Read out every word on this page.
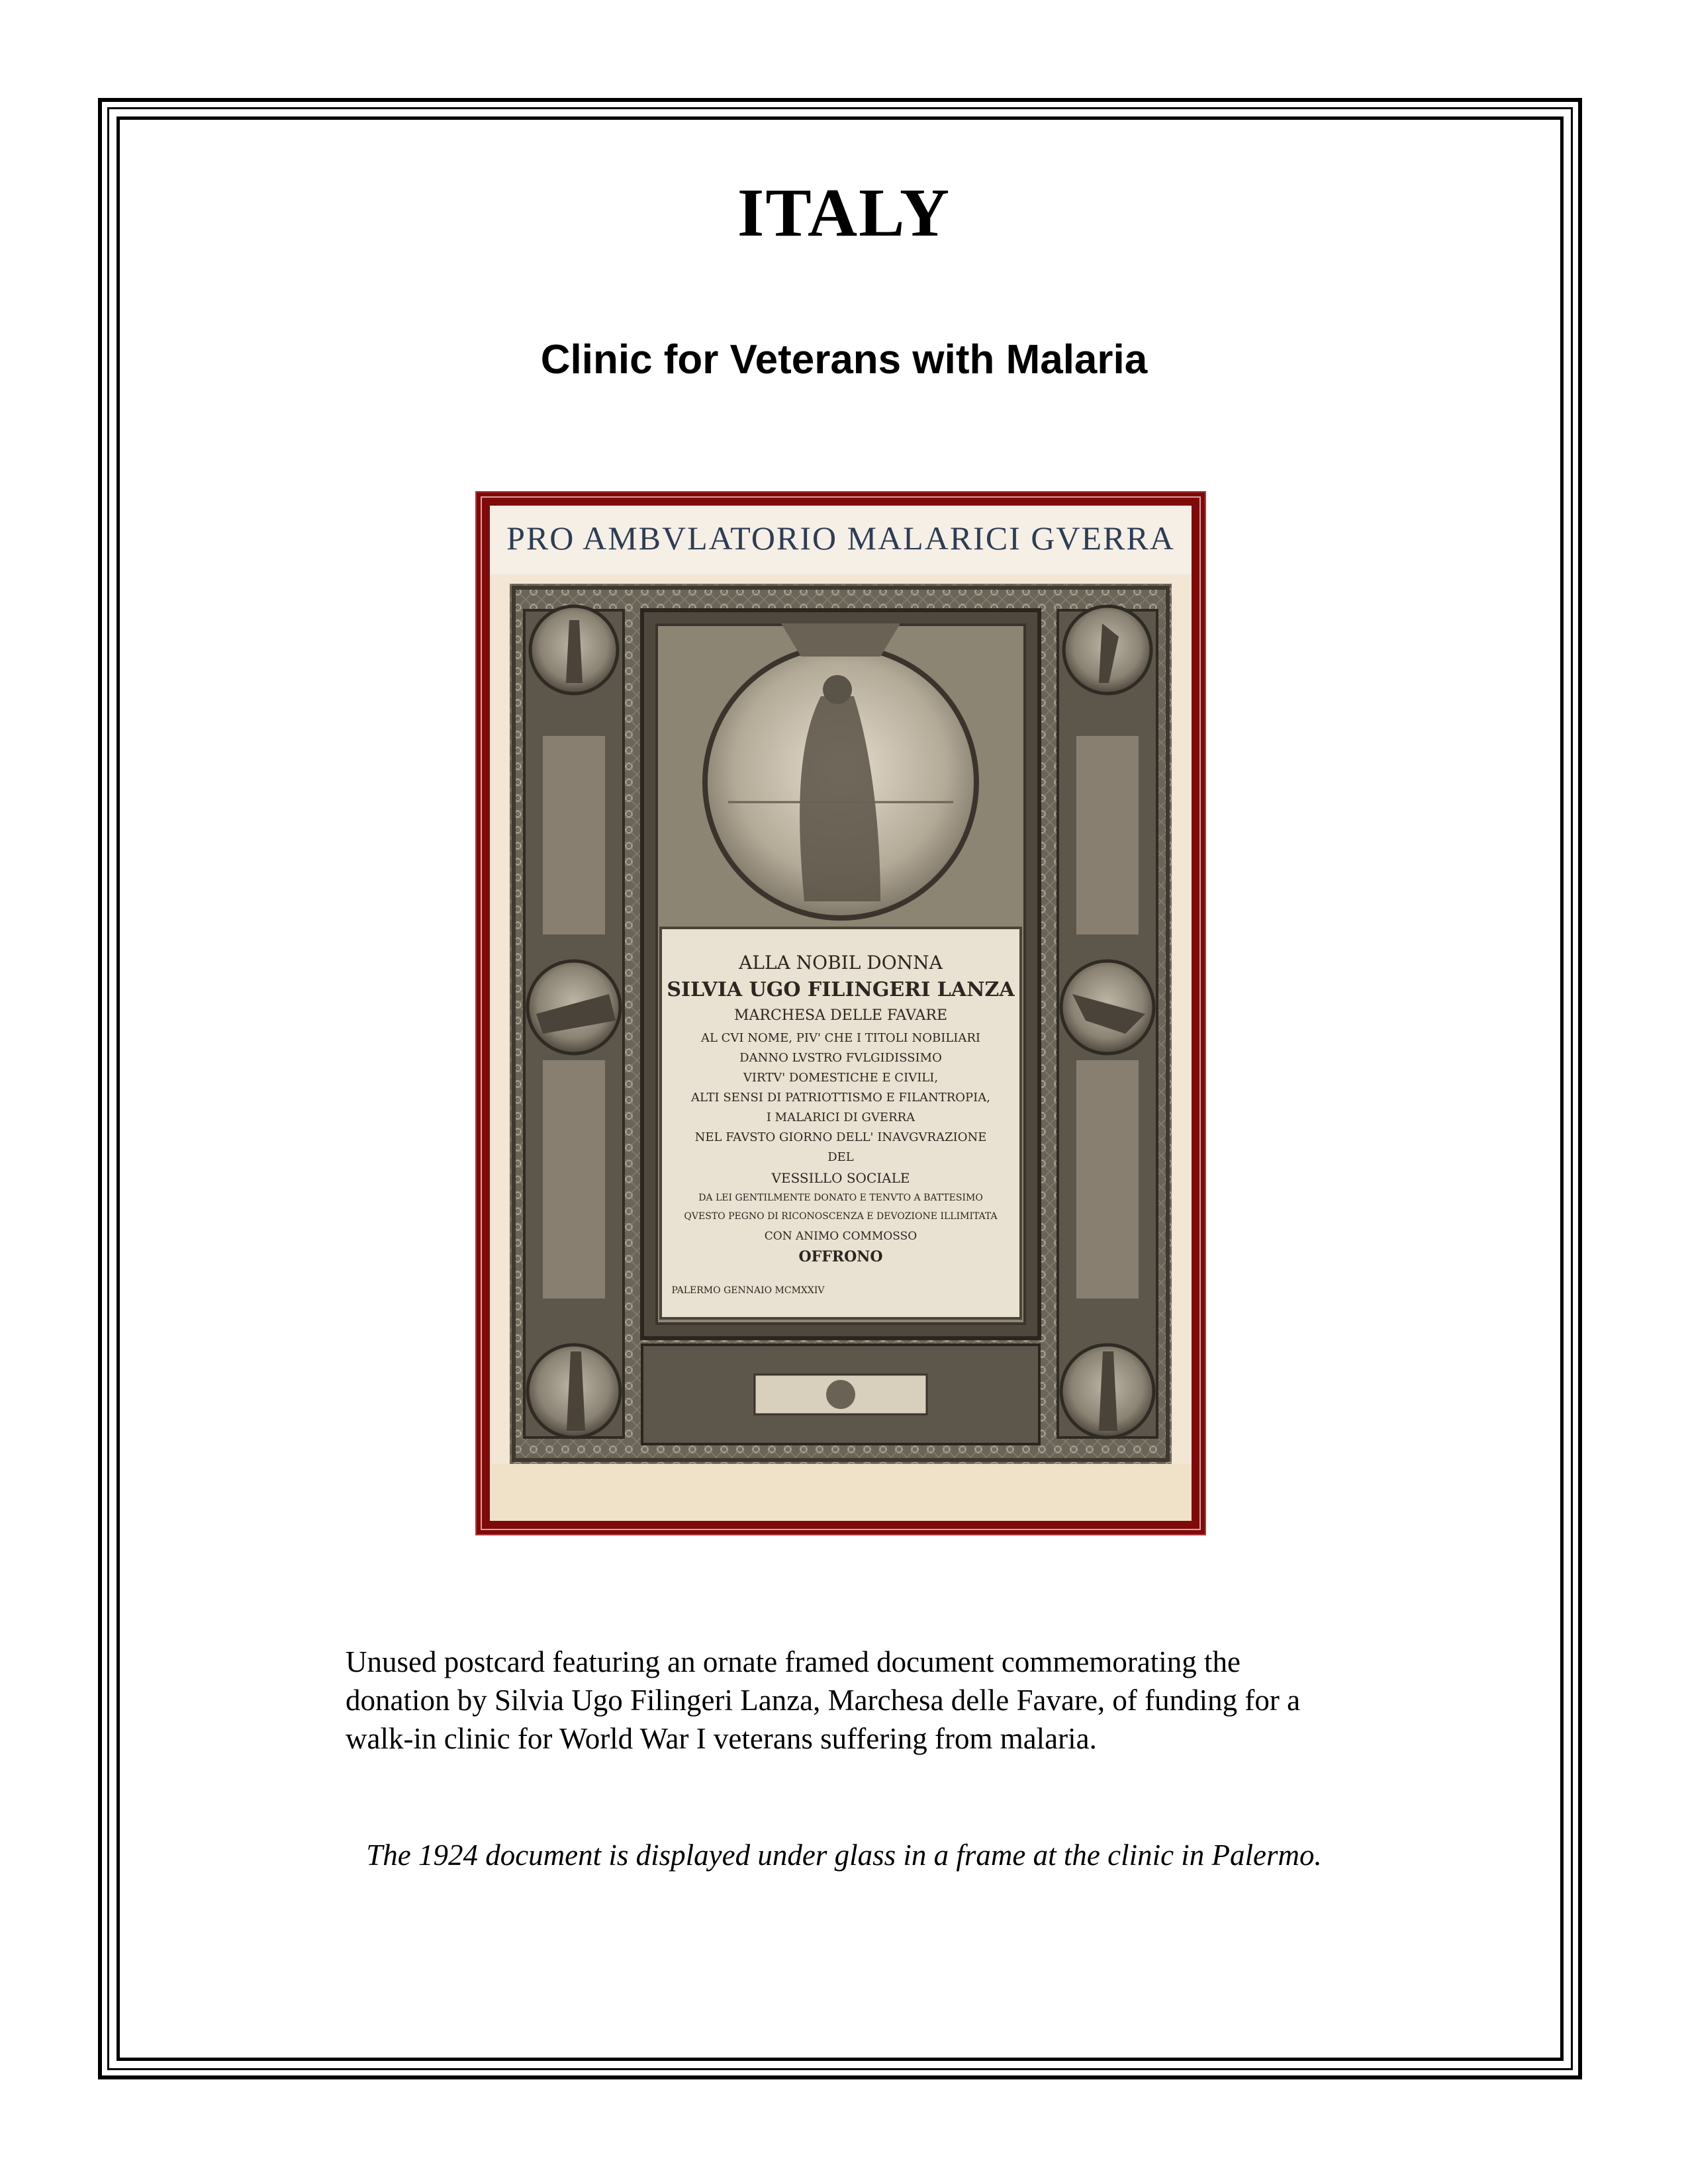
ITALY
Clinic for Veterans with Malaria
PRO AMBVLATORIO MALARICI GVERRA
ALLA NOBIL DONNA
SILVIA UGO FILINGERI LANZA
MARCHESA DELLE FAVARE
AL CVI NOME, PIV' CHE I TITOLI NOBILIARI
DANNO LVSTRO FVLGIDISSIMO
VIRTV' DOMESTICHE E CIVILI,
ALTI SENSI DI PATRIOTTISMO E FILANTROPIA,
I MALARICI DI GVERRA
NEL FAVSTO GIORNO DELL' INAVGVRAZIONE
DEL
VESSILLO SOCIALE
DA LEI GENTILMENTE DONATO E TENVTO A BATTESIMO
QVESTO PEGNO DI RICONOSCENZA E DEVOZIONE ILLIMITATA
CON ANIMO COMMOSSO
OFFRONO
PALERMO GENNAIO MCMXXIV
Unused postcard featuring an ornate framed document commemorating the donation by Silvia Ugo Filingeri Lanza, Marchesa delle Favare, of funding for a walk-in clinic for World War I veterans suffering from malaria.
The 1924 document is displayed under glass in a frame at the clinic in Palermo.
